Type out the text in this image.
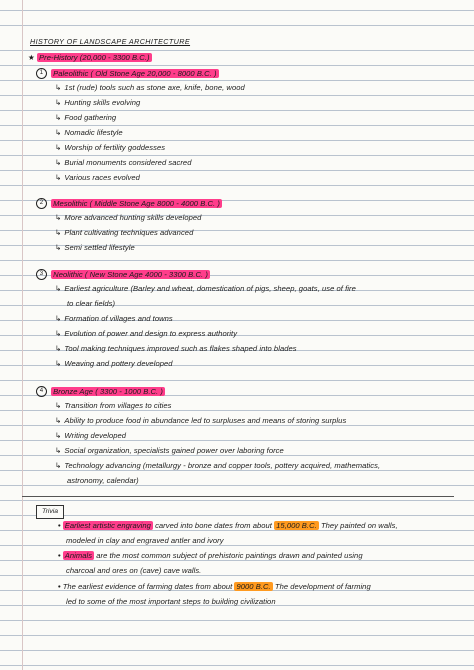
HISTORY OF LANDSCAPE ARCHITECTURE
★ Pre-History (20,000 - 3300 B.C.)
1 Paleolithic ( Old Stone Age 20,000 - 8000 B.C. )
↳ 1st (rude) tools such as stone axe, knife, bone, wood
↳ Hunting skills evolving
↳ Food gathering
↳ Nomadic lifestyle
↳ Worship of fertility goddesses
↳ Burial monuments considered sacred
↳ Various races evolved
2 Mesolithic ( Middle Stone Age 8000 - 4000 B.C. )
↳ More advanced hunting skills developed
↳ Plant cultivating techniques advanced
↳ Semi settled lifestyle
3 Neolithic ( New Stone Age 4000 - 3300 B.C. )
↳ Earliest agriculture (Barley and wheat, domestication of pigs, sheep, goats, use of fire
to clear fields)
↳ Formation of villages and towns
↳ Evolution of power and design to express authority
↳ Tool making techniques improved such as flakes shaped into blades
↳ Weaving and pottery developed
4 Bronze Age ( 3300 - 1000 B.C. )
↳ Transition from villages to cities
↳ Ability to produce food in abundance led to surpluses and means of storing surplus
↳ Writing developed
↳ Social organization, specialists gained power over laboring force
↳ Technology advancing (metallurgy - bronze and copper tools, pottery acquired, mathematics,
astronomy, calendar)
Trivia
• Earliest artistic engraving carved into bone dates from about 15,000 B.C. They painted on walls,
modeled in clay and engraved antler and ivory
• Animals are the most common subject of prehistoric paintings drawn and painted using
charcoal and ores on (cave) cave walls.
• The earliest evidence of farming dates from about 9000 B.C. The development of farming
led to some of the most important steps to building civilization
